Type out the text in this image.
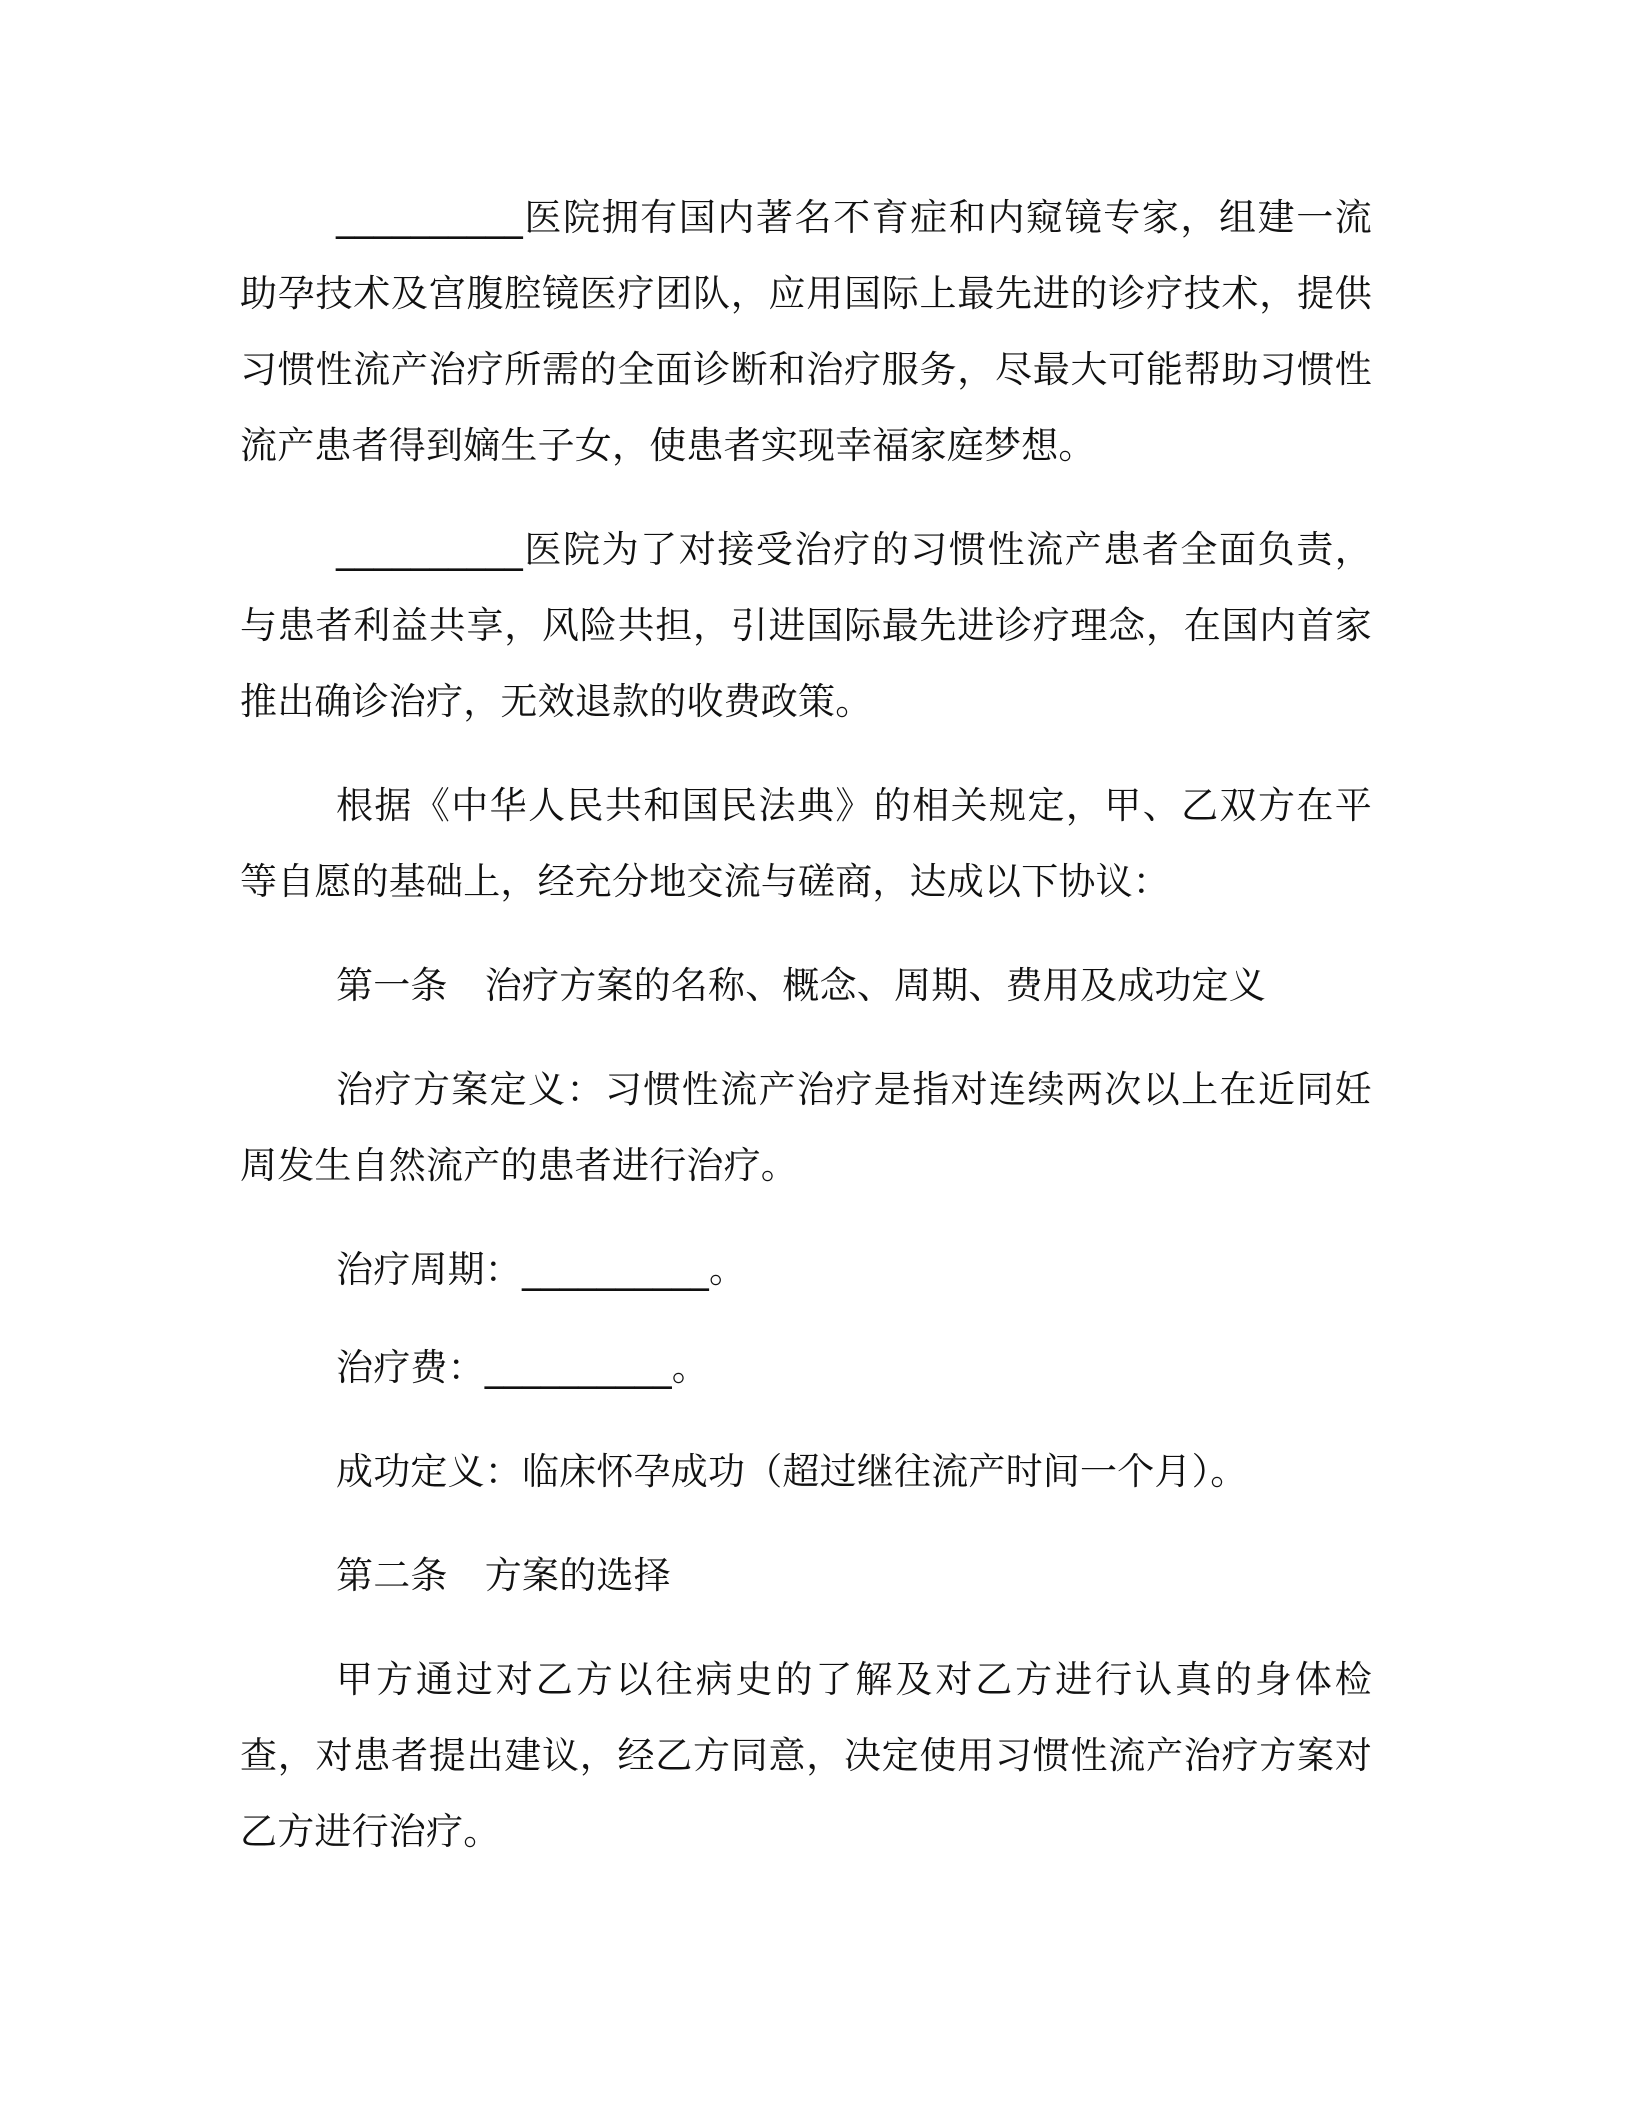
__________医院拥有国内著名不育症和内窥镜专家，组建一流助孕技术及宫腹腔镜医疗团队，应用国际上最先进的诊疗技术，提供习惯性流产治疗所需的全面诊断和治疗服务，尽最大可能帮助习惯性流产患者得到嫡生子女，使患者实现幸福家庭梦想。

__________医院为了对接受治疗的习惯性流产患者全面负责，与患者利益共享，风险共担，引进国际最先进诊疗理念，在国内首家推出确诊治疗，无效退款的收费政策。

根据《中华人民共和国民法典》的相关规定，甲、乙双方在平等自愿的基础上，经充分地交流与磋商，达成以下协议：

第一条　治疗方案的名称、概念、周期、费用及成功定义

治疗方案定义：习惯性流产治疗是指对连续两次以上在近同妊周发生自然流产的患者进行治疗。

治疗周期：__________。

治疗费：__________。

成功定义：临床怀孕成功（超过继往流产时间一个月）。

第二条　方案的选择

甲方通过对乙方以往病史的了解及对乙方进行认真的身体检查，对患者提出建议，经乙方同意，决定使用习惯性流产治疗方案对乙方进行治疗。
